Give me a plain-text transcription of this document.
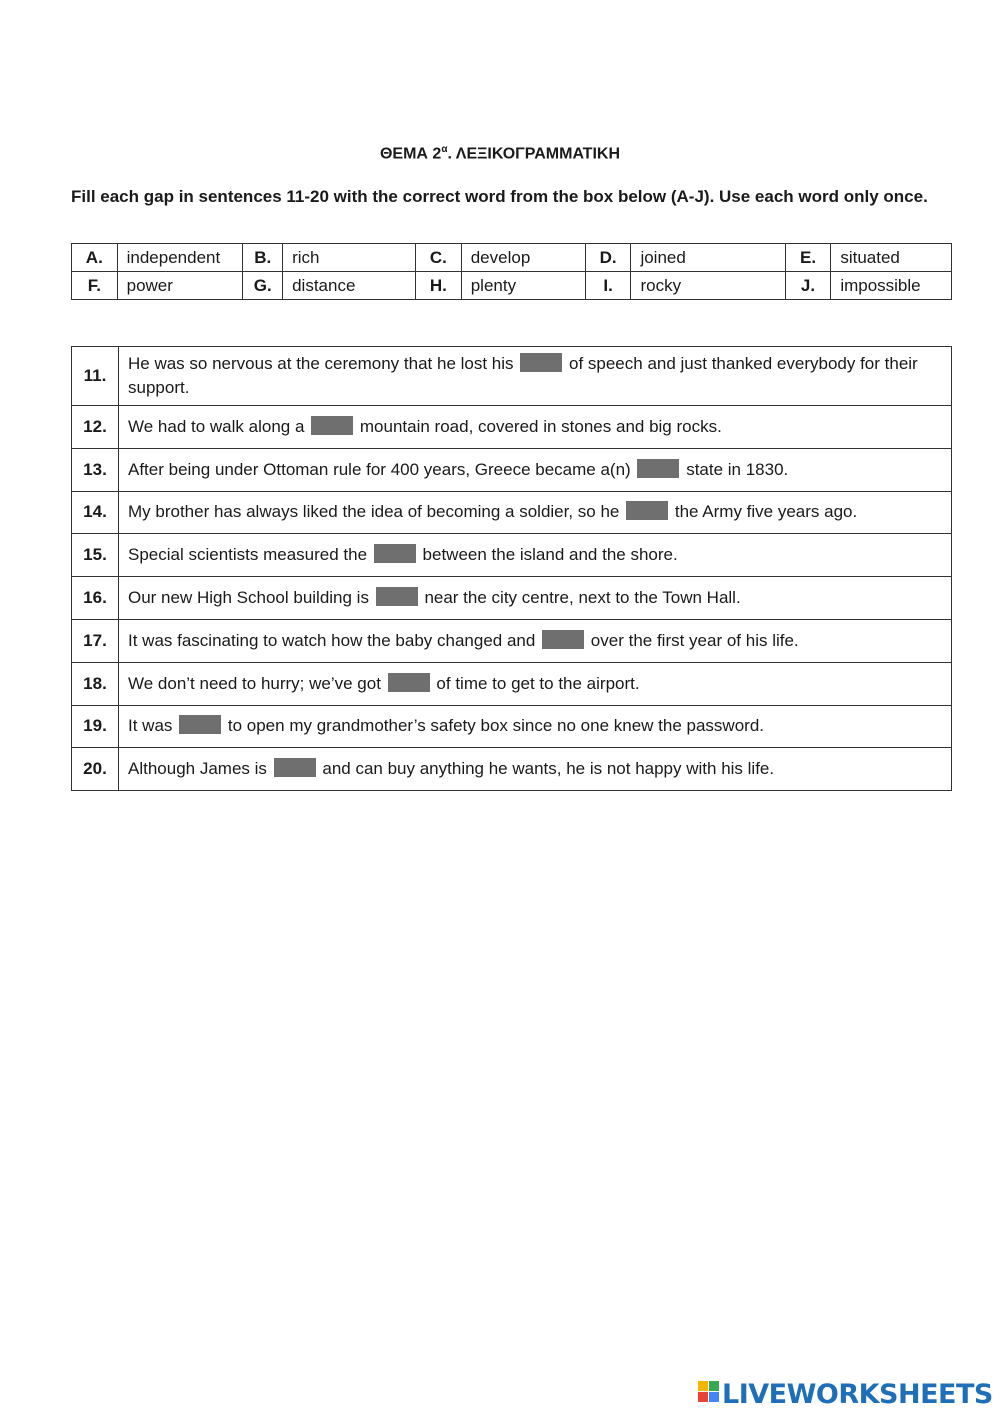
ΘΕΜΑ $2^\alpha$. ΛΕΞΙΚΟΓΡΑΜΜΑΤΙΚΗ
Fill each gap in sentences 11-20 with the correct word from the box below (A-J). Use each word only once.
A.	independent	B.	rich	C.	develop	D.	joined	E.	situated
F.	power	G.	distance	H.	plenty	I.	rocky	J.	impossible
11.	He was so nervous at the ceremony that he lost his of speech and just thanked everybody for their support.
12.	We had to walk along a mountain road, covered in stones and big rocks.
13.	After being under Ottoman rule for 400 years, Greece became a(n) state in 1830.
14.	My brother has always liked the idea of becoming a soldier, so he the Army five years ago.
15.	Special scientists measured the between the island and the shore.
16.	Our new High School building is near the city centre, next to the Town Hall.
17.	It was fascinating to watch how the baby changed and over the first year of his life.
18.	We don’t need to hurry; we’ve got of time to get to the airport.
19.	It was to open my grandmother’s safety box since no one knew the password.
20.	Although James is and can buy anything he wants, he is not happy with his life.
LIVEWORKSHEETS
